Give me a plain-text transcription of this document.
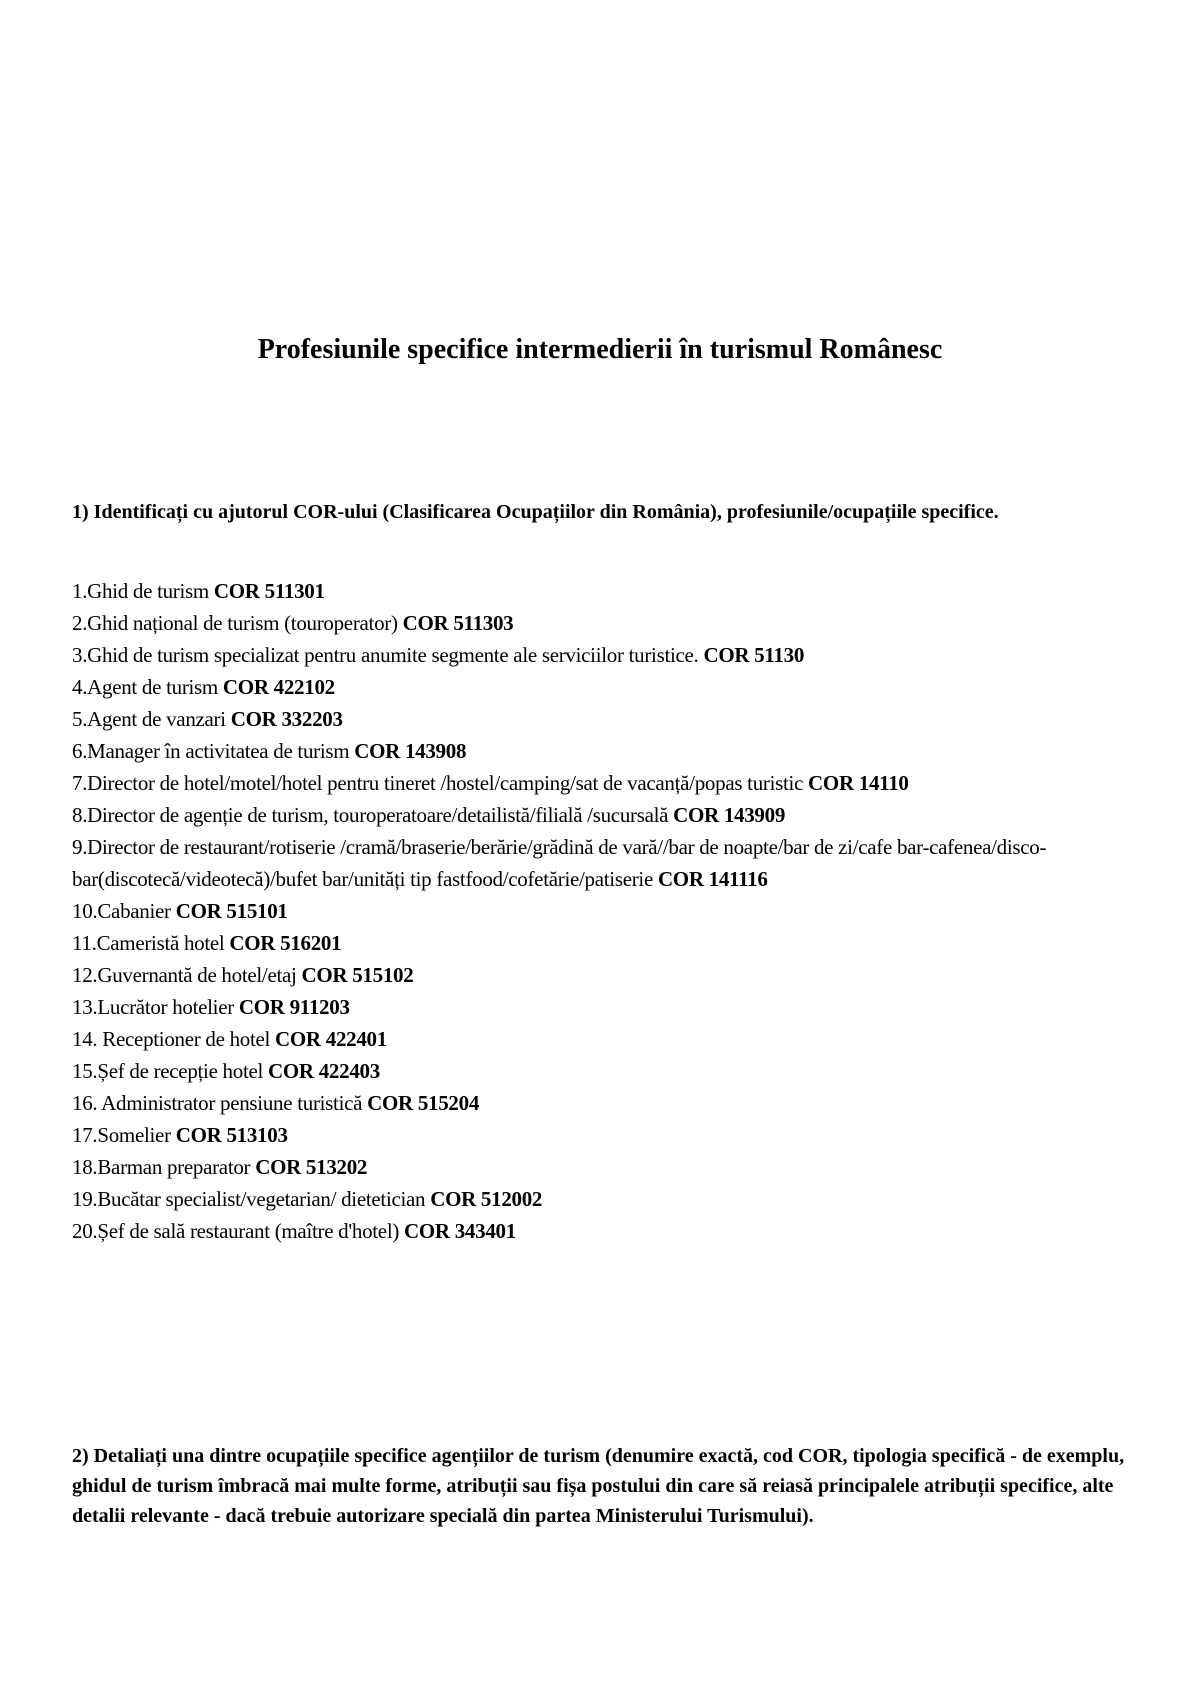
Profesiunile specifice intermedierii în turismul Românesc

1) Identificați cu ajutorul COR-ului (Clasificarea Ocupațiilor din România), profesiunile/ocupațiile specifice.

1.Ghid de turism COR 511301
2.Ghid național de turism (touroperator) COR 511303
3.Ghid de turism specializat pentru anumite segmente ale serviciilor turistice. COR 51130
4.Agent de turism COR 422102
5.Agent de vanzari COR 332203
6.Manager în activitatea de turism COR 143908
7.Director de hotel/motel/hotel pentru tineret /hostel/camping/sat de vacanță/popas turistic COR 14110
8.Director de agenție de turism, touroperatoare/detailistă/filială /sucursală COR 143909
9.Director de restaurant/rotiserie /cramă/braserie/berărie/grădină de vară//bar de noapte/bar de zi/cafe bar-cafenea/disco-bar(discotecă/videotecă)/bufet bar/unități tip fastfood/cofetărie/patiserie COR 141116
10.Cabanier COR 515101
11.Cameristă hotel COR 516201
12.Guvernantă de hotel/etaj COR 515102
13.Lucrător hotelier COR 911203
14. Receptioner de hotel COR 422401
15.Șef de recepție hotel COR 422403
16. Administrator pensiune turistică COR 515204
17.Somelier COR 513103
18.Barman preparator COR 513202
19.Bucătar specialist/vegetarian/ dietetician COR 512002
20.Șef de sală restaurant (maître d'hotel) COR 343401

2) Detaliați una dintre ocupațiile specifice agențiilor de turism (denumire exactă, cod COR, tipologia specifică - de exemplu, ghidul de turism îmbracă mai multe forme, atribuții sau fișa postului din care să reiasă principalele atribuții specifice, alte detalii relevante - dacă trebuie autorizare specială din partea Ministerului Turismului).
